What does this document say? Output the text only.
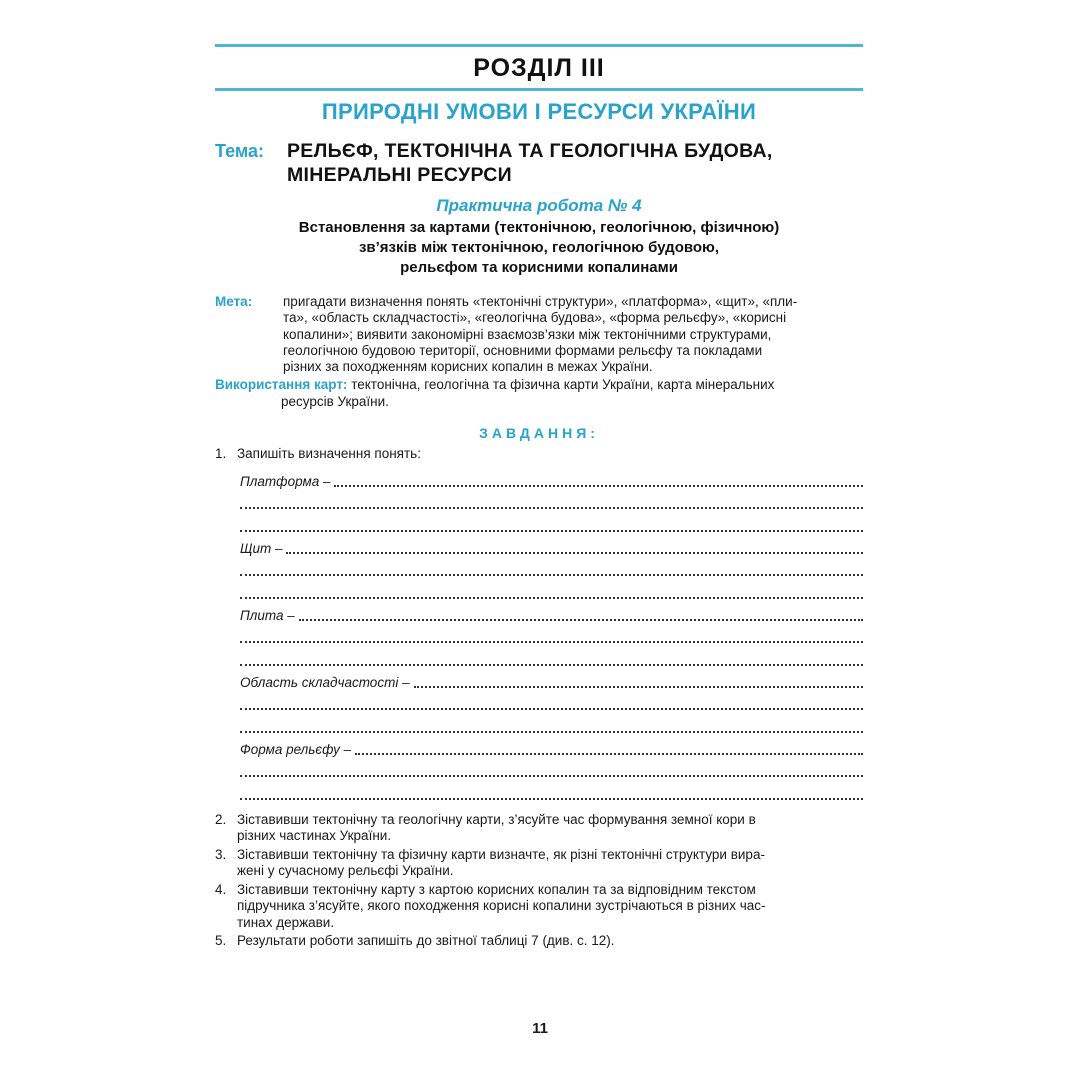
РОЗДІЛ III
ПРИРОДНІ УМОВИ І РЕСУРСИ УКРАЇНИ
Тема:	РЕЛЬЄФ, ТЕКТОНІЧНА ТА ГЕОЛОГІЧНА БУДОВА,
МІНЕРАЛЬНІ РЕСУРСИ
Практична робота № 4
Встановлення за картами (тектонічною, геологічною, фізичною)
зв’язків між тектонічною, геологічною будовою,
рельєфом та корисними копалинами
Мета:	пригадати визначення понять «тектонічні структури», «платформа», «щит», «пли-
та», «область складчастості», «геологічна будова», «форма рельєфу», «корисні
копалини»; виявити закономірні взаємозв’язки між тектонічними структурами,
геологічною будовою території, основними формами рельєфу та покладами
різних за походженням корисних копалин в межах України.
Використання карт: тектонічна, геологічна та фізична карти України, карта мінеральних
ресурсів України.
ЗАВДАННЯ:
1. Запишіть визначення понять:
Платформа –
Щит –
Плита –
Область складчастості –
Форма рельєфу –
2. Зіставивши тектонічну та геологічну карти, з’ясуйте час формування земної кори в
різних частинах України.
3. Зіставивши тектонічну та фізичну карти визначте, як різні тектонічні структури вира-
жені у сучасному рельєфі України.
4. Зіставивши тектонічну карту з картою корисних копалин та за відповідним текстом
підручника з’ясуйте, якого походження корисні копалини зустрічаються в різних час-
тинах держави.
5. Результати роботи запишіть до звітної таблиці 7 (див. с. 12).
11
